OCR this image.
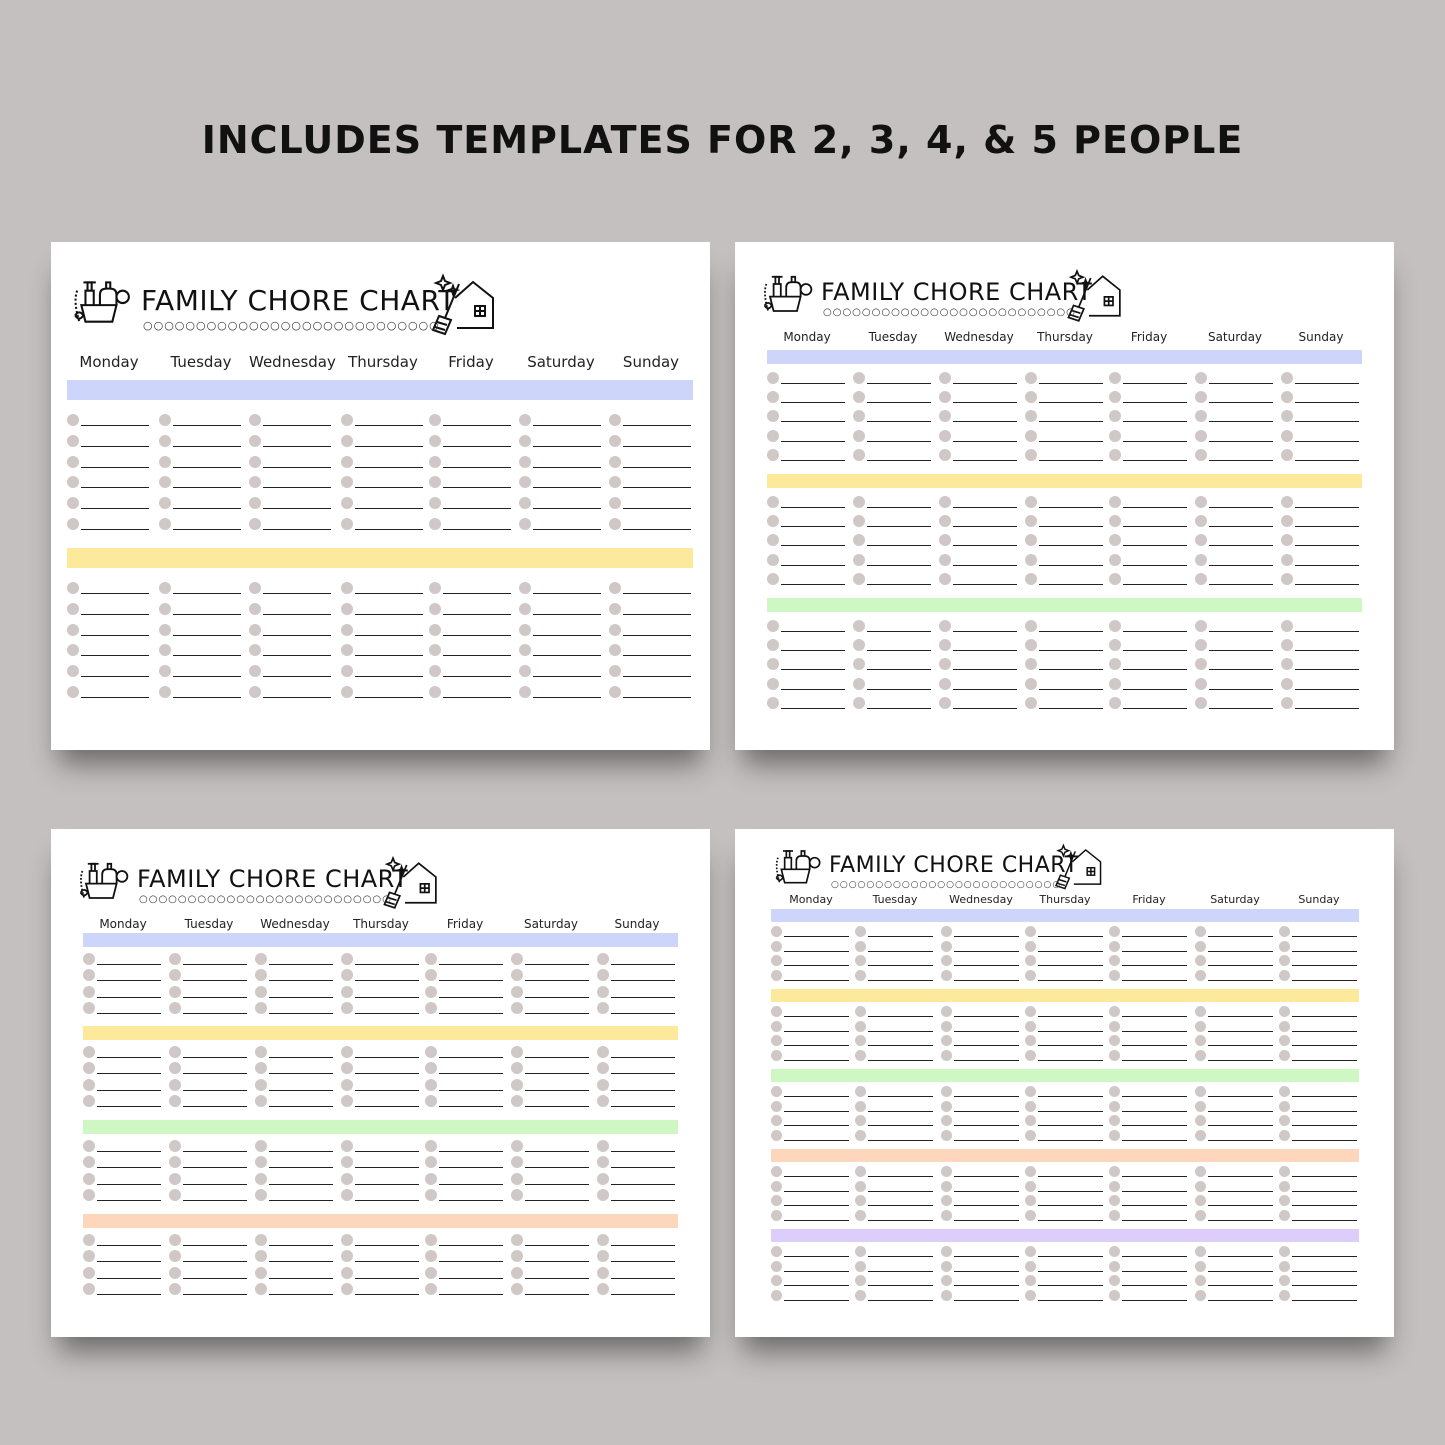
INCLUDES TEMPLATES FOR 2, 3, 4, & 5 PEOPLE
FAMILY CHORE CHART
○○○○○○○○○○○○○○○○○○○○○○○○○○○○
Monday	Tuesday	Wednesday Thursday	Friday	Saturday	Sunday
FAMILY CHORE CHART
○○○○○○○○○○○○○○○○○○○○○○○○○○
Monday	Tuesday	Wednesday	Thursday	Friday	Saturday	Sunday
FAMILY CHORE CHART
○○○○○○○○○○○○○○○○○○○○○○○○○○
Monday	Tuesday	Wednesday	Thursday	Friday	Saturday	Sunday
FAMILY CHORE CHART
○○○○○○○○○○○○○○○○○○○○○○○○○○
Monday	Tuesday	Wednesday	Thursday	Friday	Saturday	Sunday
